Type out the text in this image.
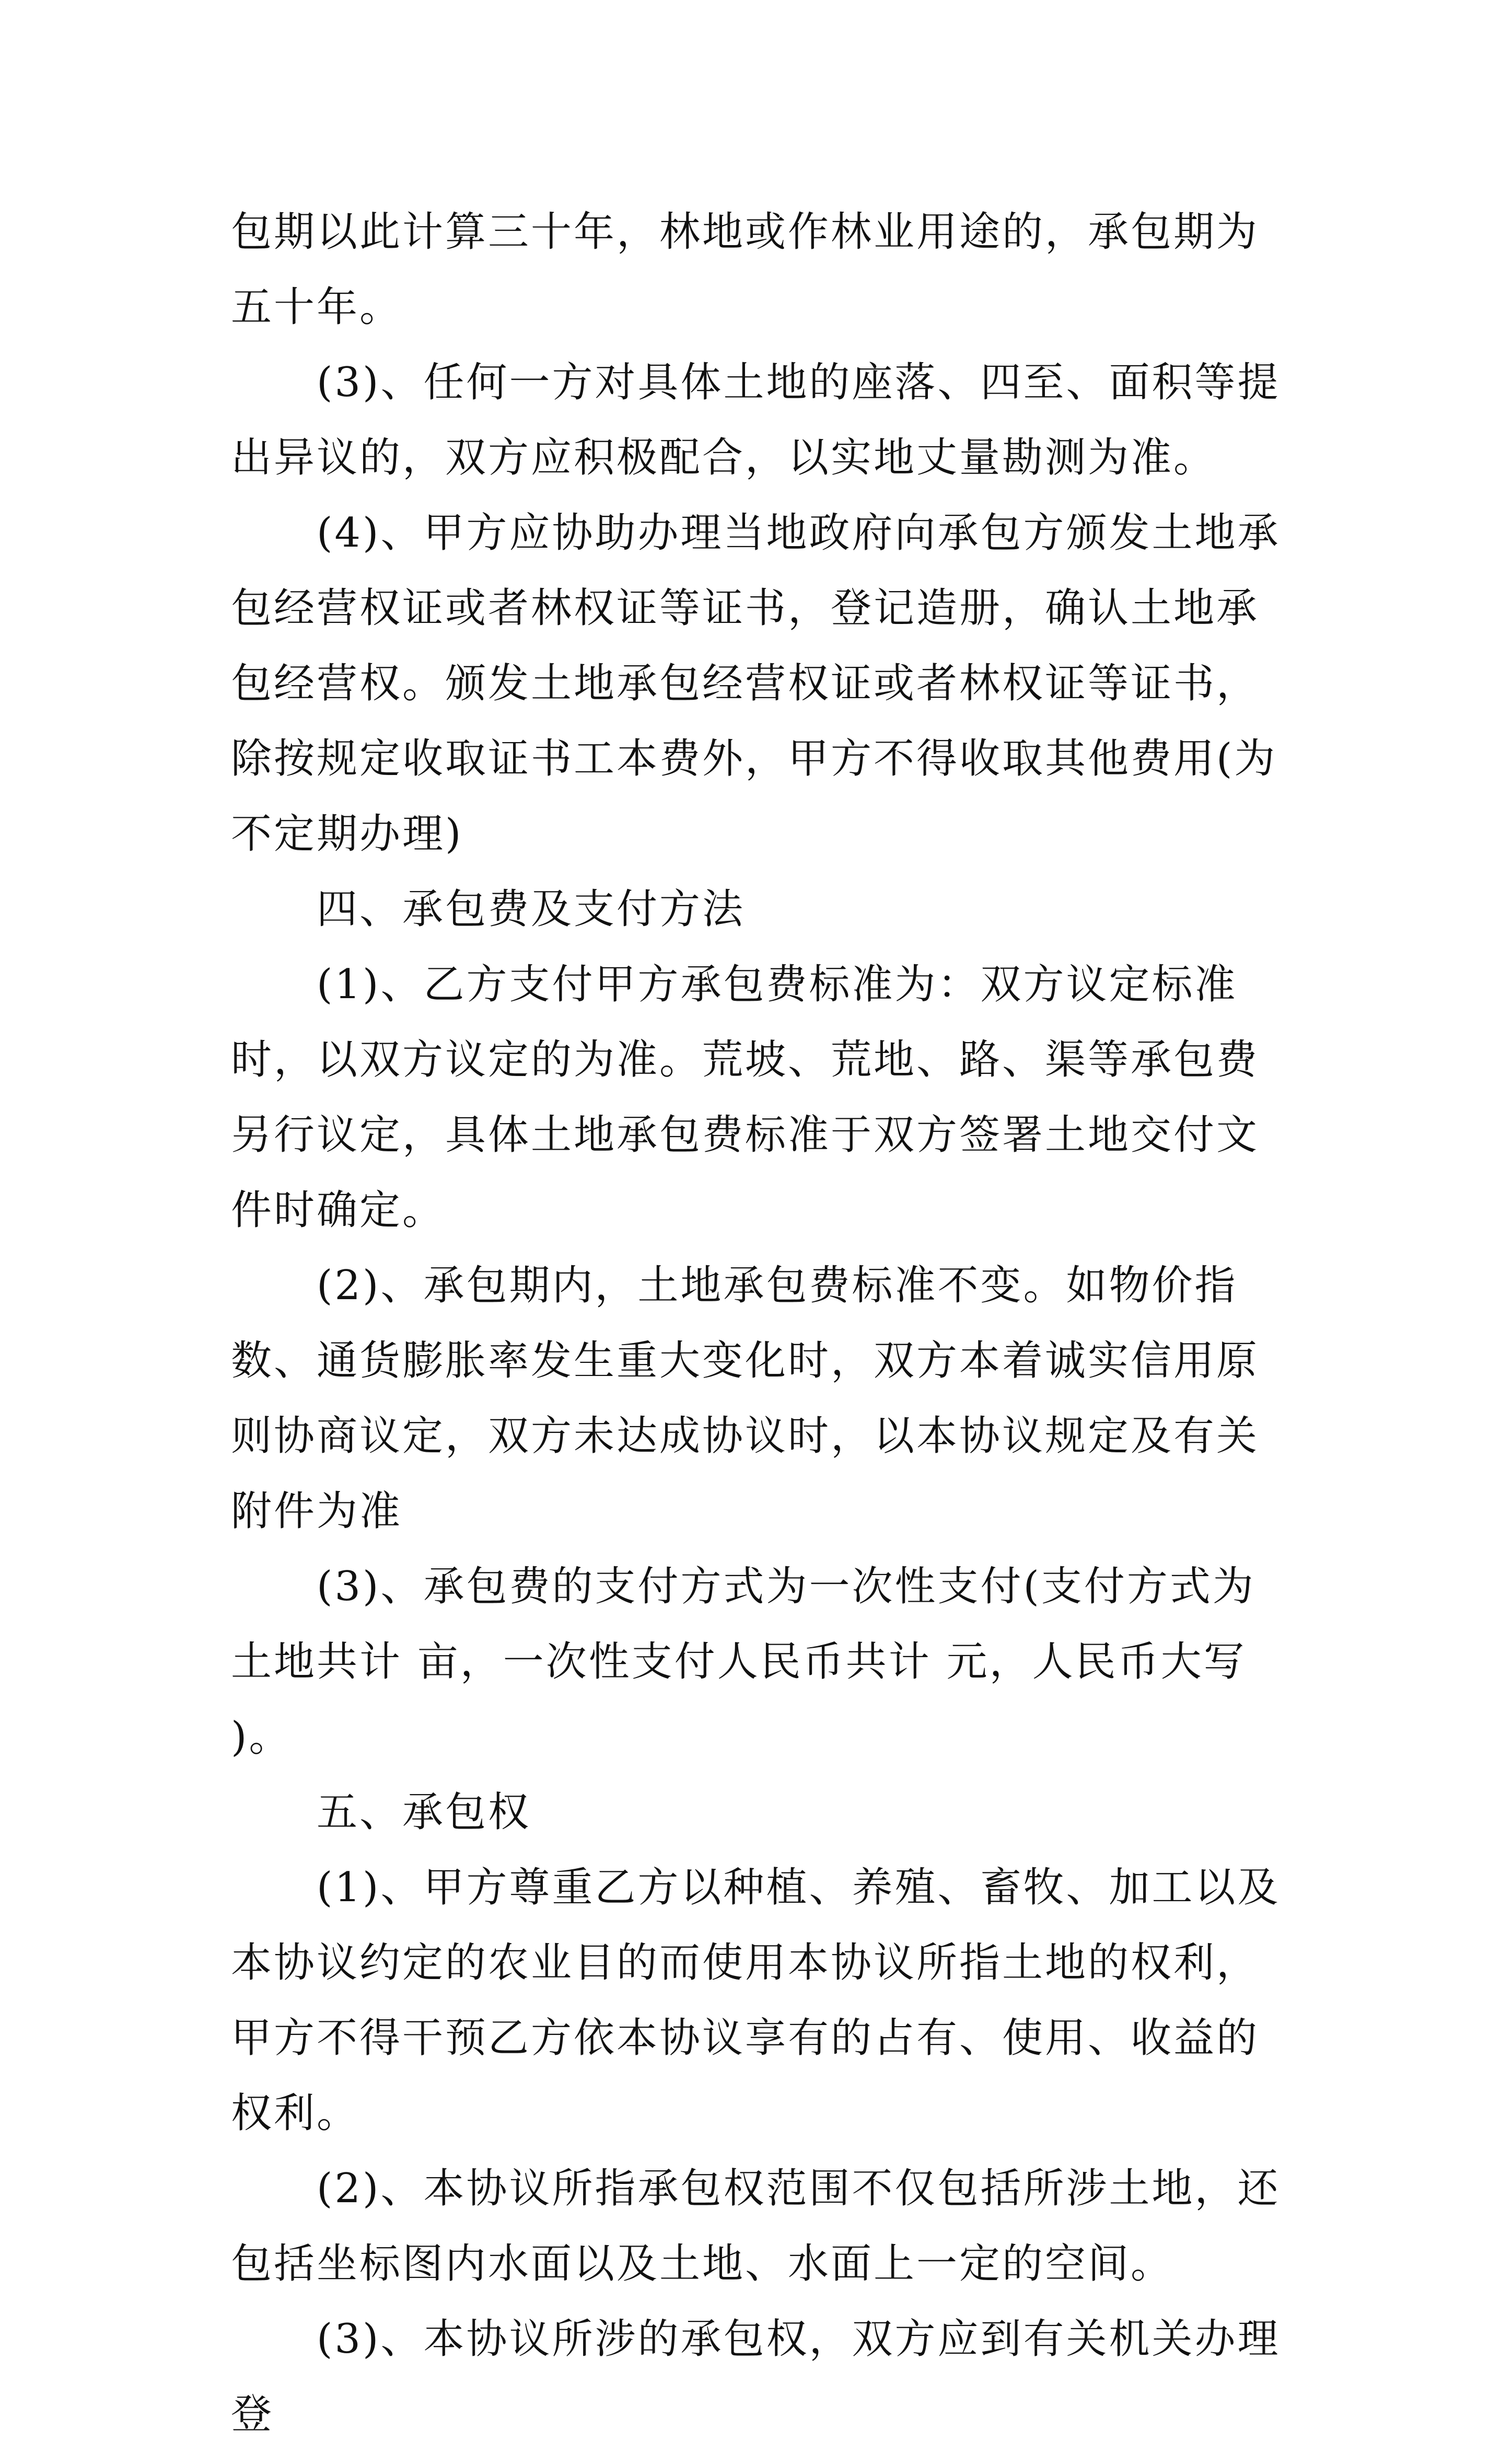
包期以此计算三十年，林地或作林业用途的，承包期为五十年。

(3)、任何一方对具体土地的座落、四至、面积等提出异议的，双方应积极配合，以实地丈量勘测为准。

(4)、甲方应协助办理当地政府向承包方颁发土地承包经营权证或者林权证等证书，登记造册，确认土地承包经营权。颁发土地承包经营权证或者林权证等证书，除按规定收取证书工本费外，甲方不得收取其他费用(为不定期办理)

四、承包费及支付方法

(1)、乙方支付甲方承包费标准为：双方议定标准时，以双方议定的为准。荒坡、荒地、路、渠等承包费另行议定，具体土地承包费标准于双方签署土地交付文件时确定。

(2)、承包期内，土地承包费标准不变。如物价指数、通货膨胀率发生重大变化时，双方本着诚实信用原则协商议定，双方未达成协议时，以本协议规定及有关附件为准

(3)、承包费的支付方式为一次性支付(支付方式为土地共计 亩，一次性支付人民币共计 元，人民币大写 )。

五、承包权

(1)、甲方尊重乙方以种植、养殖、畜牧、加工以及本协议约定的农业目的而使用本协议所指土地的权利，甲方不得干预乙方依本协议享有的占有、使用、收益的权利。

(2)、本协议所指承包权范围不仅包括所涉土地，还包括坐标图内水面以及土地、水面上一定的空间。

(3)、本协议所涉的承包权，双方应到有关机关办理登
